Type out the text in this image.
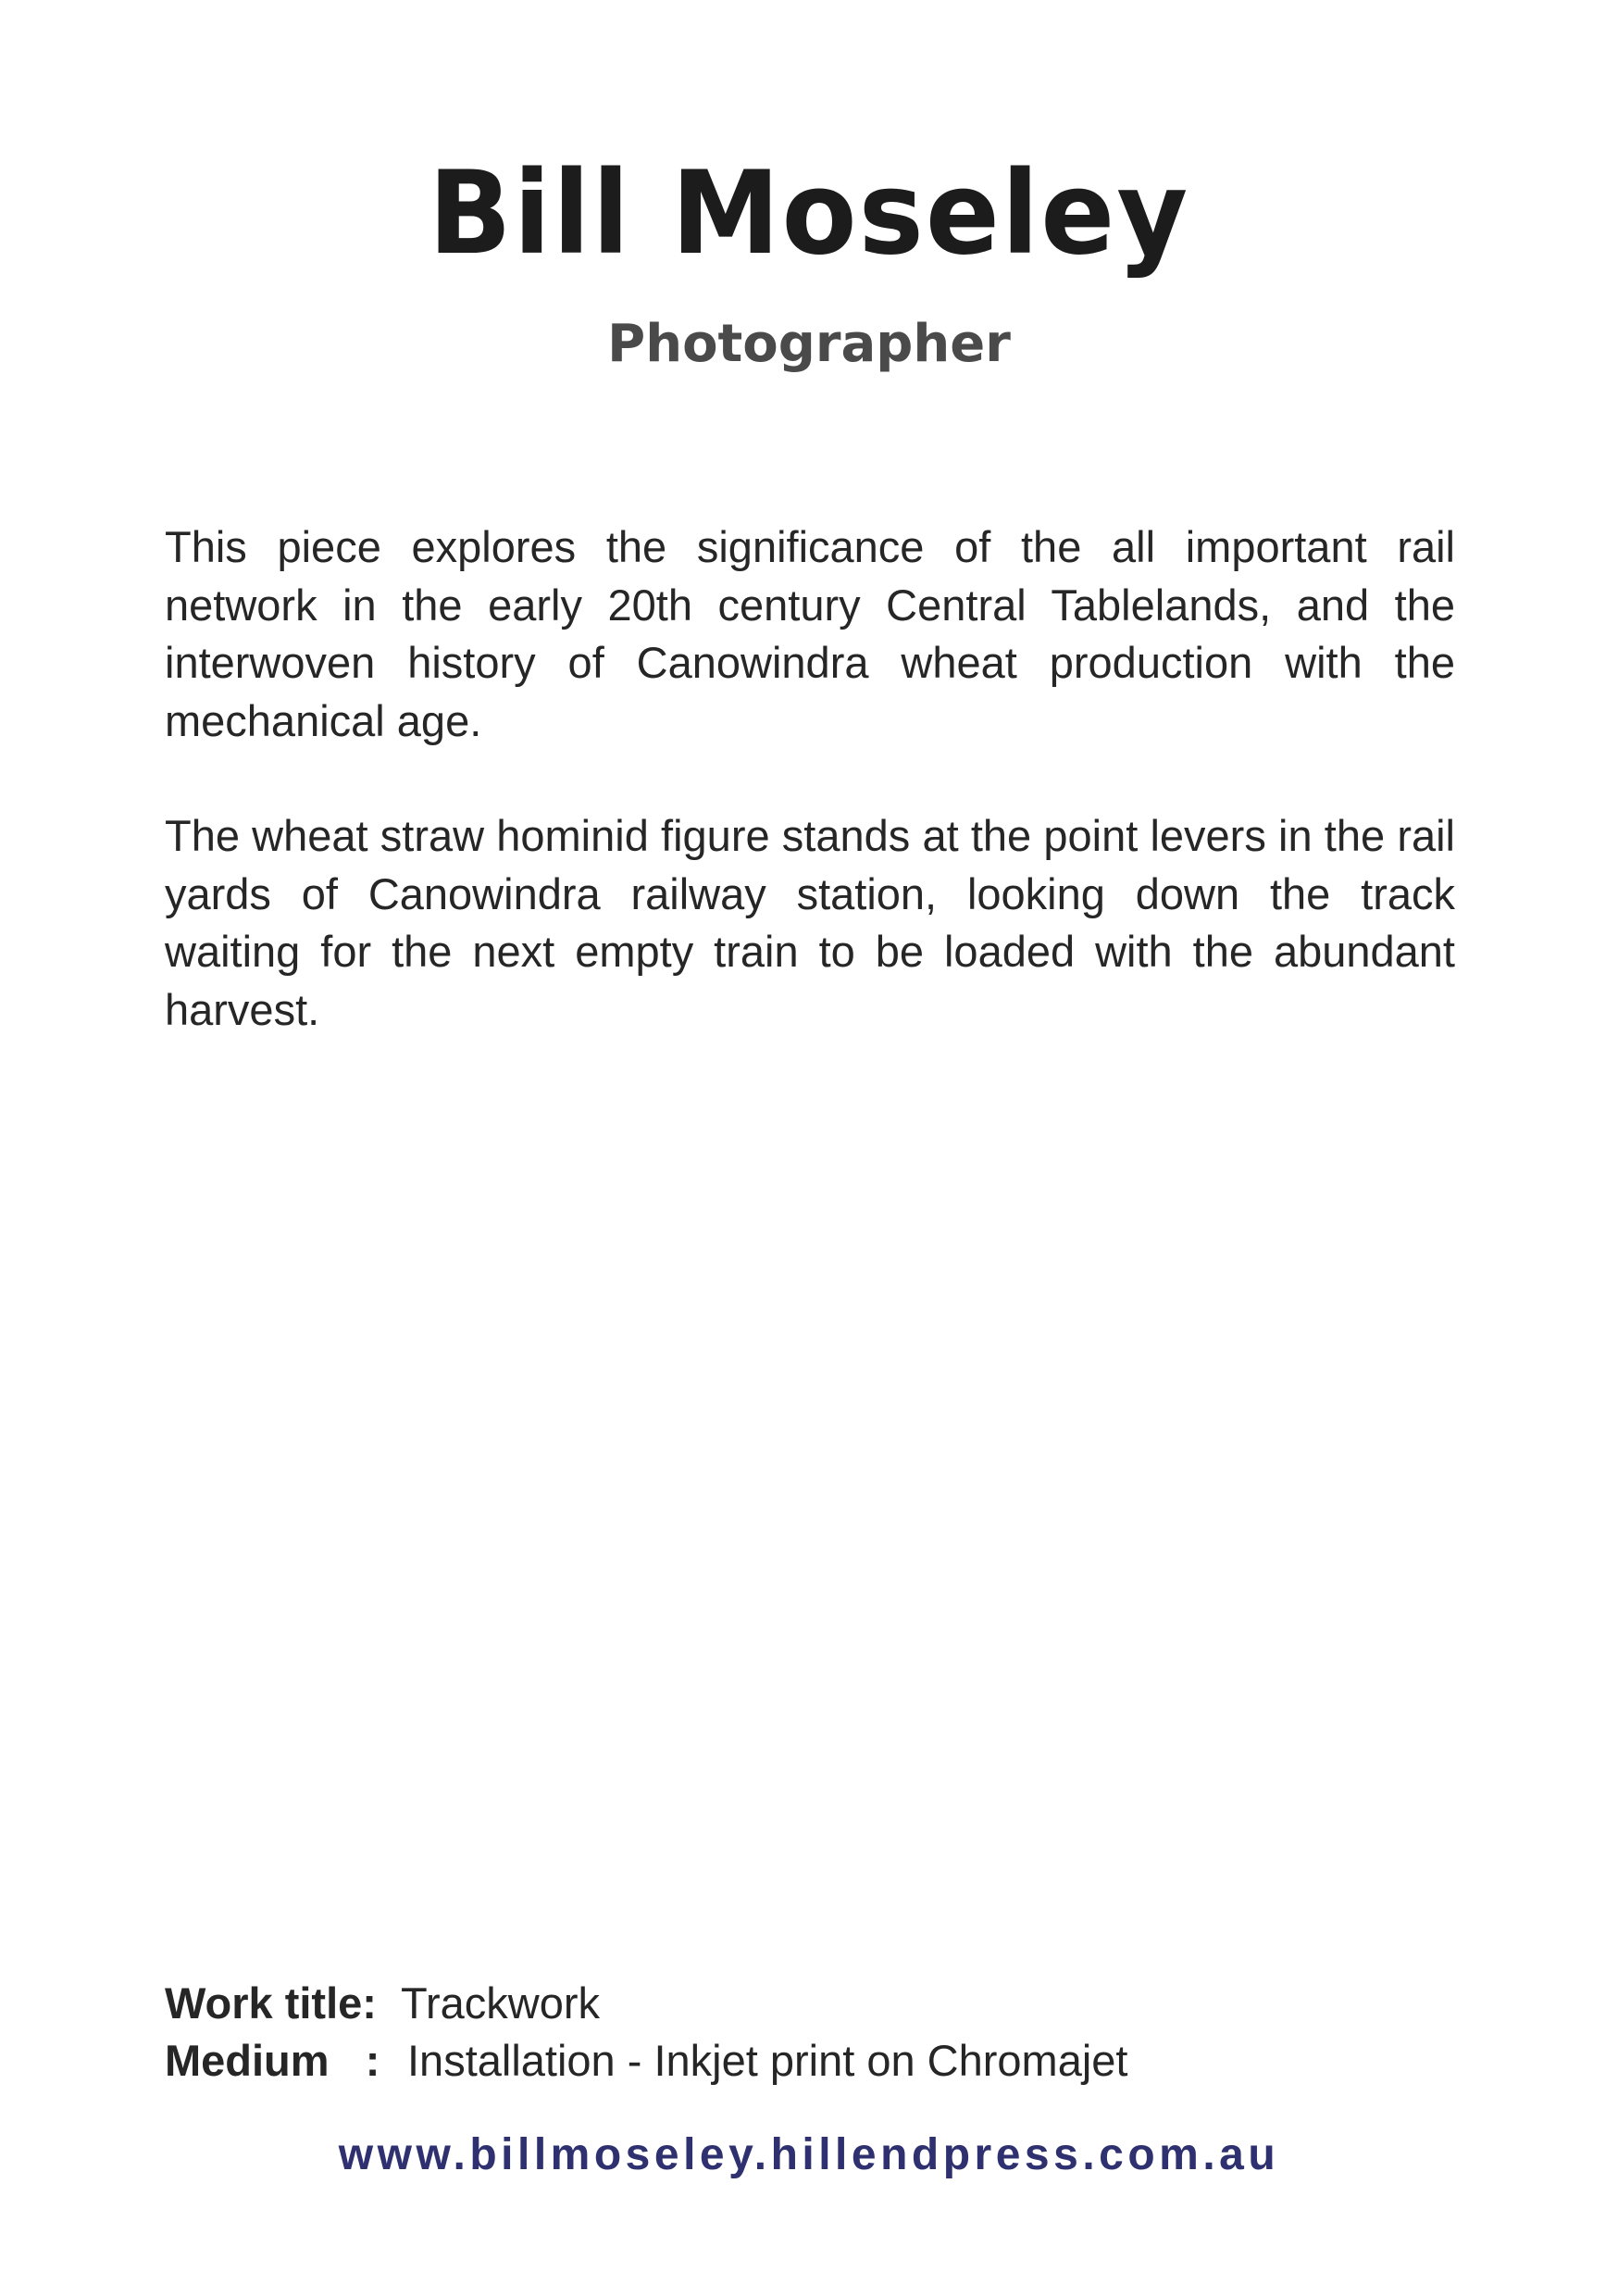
Bill Moseley
Photographer

This piece explores the significance of the all important rail network in the early 20th century Central Tablelands, and the interwoven history of Canowindra wheat production with the mechanical age.

The wheat straw hominid figure stands at the point levers in the rail yards of Canowindra railway station, looking down the track waiting for the next empty train to be loaded with the abundant harvest.

Work title: Trackwork
Medium : Installation - Inkjet print on Chromajet
www.billmoseley.hillendpress.com.au
